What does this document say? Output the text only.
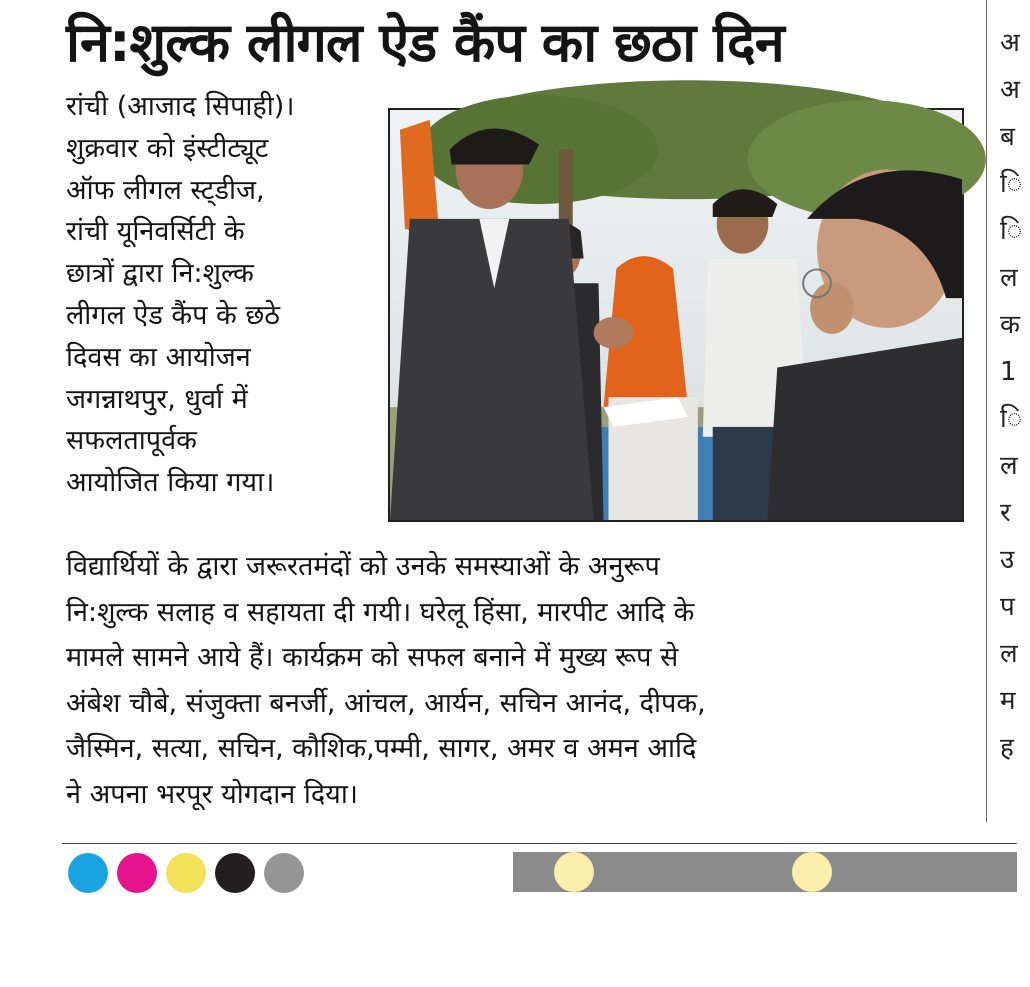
नि:शुल्क लीगल ऐड कैंप का छठा दिन
रांची (आजाद सिपाही)।
शुक्रवार को इंस्टीट्यूट
ऑफ लीगल स्ट्डीज,
रांची यूनिवर्सिटी के
छात्रों द्वारा नि:शुल्क
लीगल ऐड कैंप के छठे
दिवस का आयोजन
जगन्नाथपुर, धुर्वा में
सफलतापूर्वक
आयोजित किया गया।
विद्यार्थियों के द्वारा जरूरतमंदों को उनके समस्याओं के अनुरूप
नि:शुल्क सलाह व सहायता दी गयी। घरेलू हिंसा, मारपीट आदि के
मामले सामने आये हैं। कार्यक्रम को सफल बनाने में मुख्य रूप से
अंबेश चौबे, संजुक्ता बनर्जी, आंचल, आर्यन, सचिन आनंद, दीपक,
जैस्मिन, सत्या, सचिन, कौशिक,पम्मी, सागर, अमर व अमन आदि
ने अपना भरपूर योगदान दिया।
अ
अ
ब
ि
ि
ल
क
1
ि
ल
र
उ
प
ल
म
ह
